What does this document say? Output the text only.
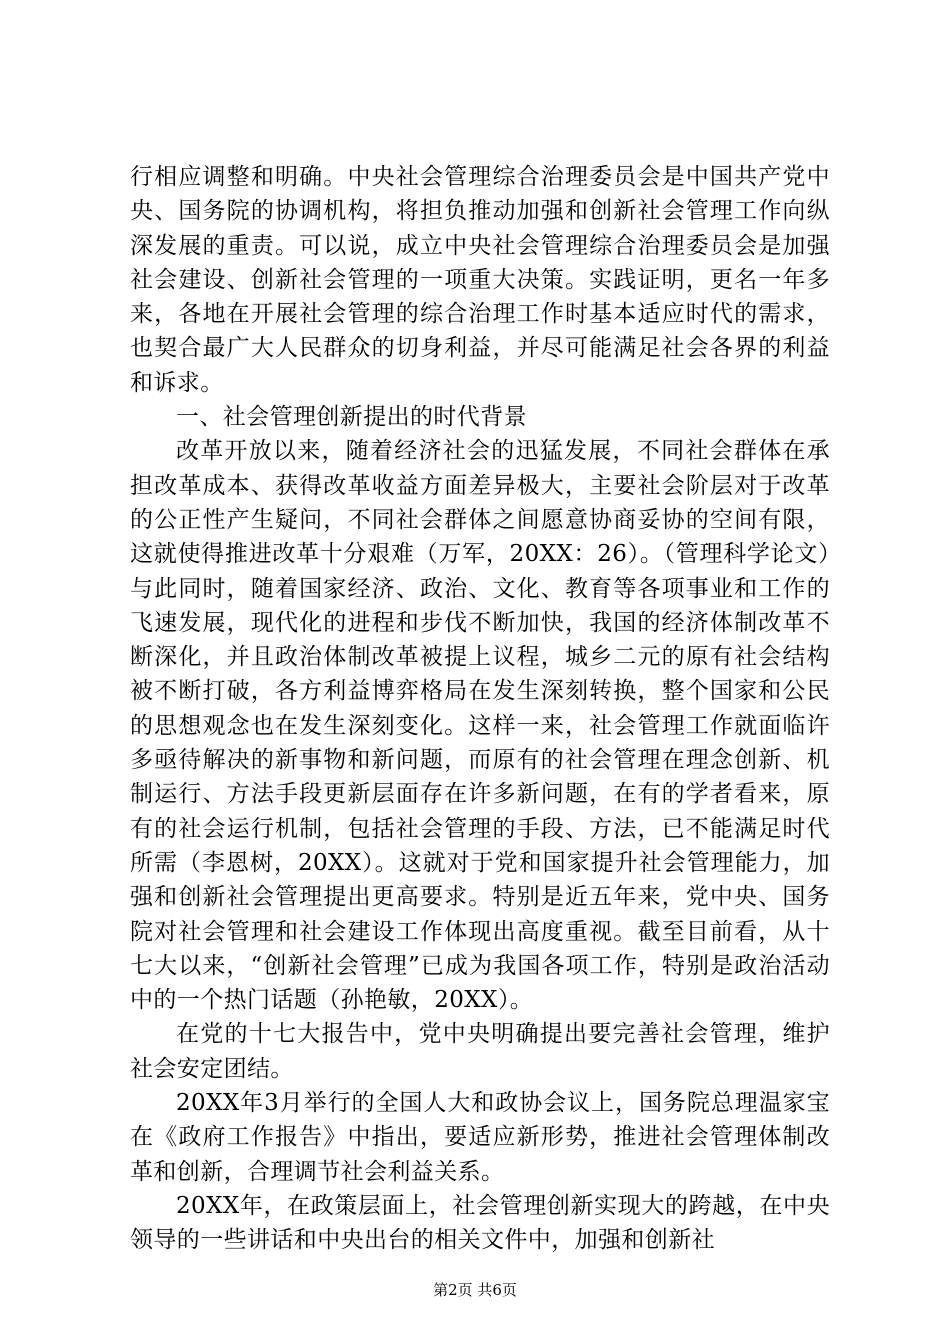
行相应调整和明确。中央社会管理综合治理委员会是中国共产党中央、国务院的协调机构，将担负推动加强和创新社会管理工作向纵深发展的重责。可以说，成立中央社会管理综合治理委员会是加强社会建设、创新社会管理的一项重大决策。实践证明，更名一年多来，各地在开展社会管理的综合治理工作时基本适应时代的需求，也契合最广大人民群众的切身利益，并尽可能满足社会各界的利益和诉求。

一、社会管理创新提出的时代背景

改革开放以来，随着经济社会的迅猛发展，不同社会群体在承担改革成本、获得改革收益方面差异极大，主要社会阶层对于改革的公正性产生疑问，不同社会群体之间愿意协商妥协的空间有限，这就使得推进改革十分艰难（万军，20XX：26）。（管理科学论文）与此同时，随着国家经济、政治、文化、教育等各项事业和工作的飞速发展，现代化的进程和步伐不断加快，我国的经济体制改革不断深化，并且政治体制改革被提上议程，城乡二元的原有社会结构被不断打破，各方利益博弈格局在发生深刻转换，整个国家和公民的思想观念也在发生深刻变化。这样一来，社会管理工作就面临许多亟待解决的新事物和新问题，而原有的社会管理在理念创新、机制运行、方法手段更新层面存在许多新问题，在有的学者看来，原有的社会运行机制，包括社会管理的手段、方法，已不能满足时代所需（李恩树，20XX）。这就对于党和国家提升社会管理能力，加强和创新社会管理提出更高要求。特别是近五年来，党中央、国务院对社会管理和社会建设工作体现出高度重视。截至目前看，从十七大以来，“创新社会管理”已成为我国各项工作，特别是政治活动中的一个热门话题（孙艳敏，20XX）。

在党的十七大报告中，党中央明确提出要完善社会管理，维护社会安定团结。

20XX年3月举行的全国人大和政协会议上，国务院总理温家宝在《政府工作报告》中指出，要适应新形势，推进社会管理体制改革和创新，合理调节社会利益关系。

20XX年，在政策层面上，社会管理创新实现大的跨越，在中央领导的一些讲话和中央出台的相关文件中，加强和创新社

第2页 共6页
